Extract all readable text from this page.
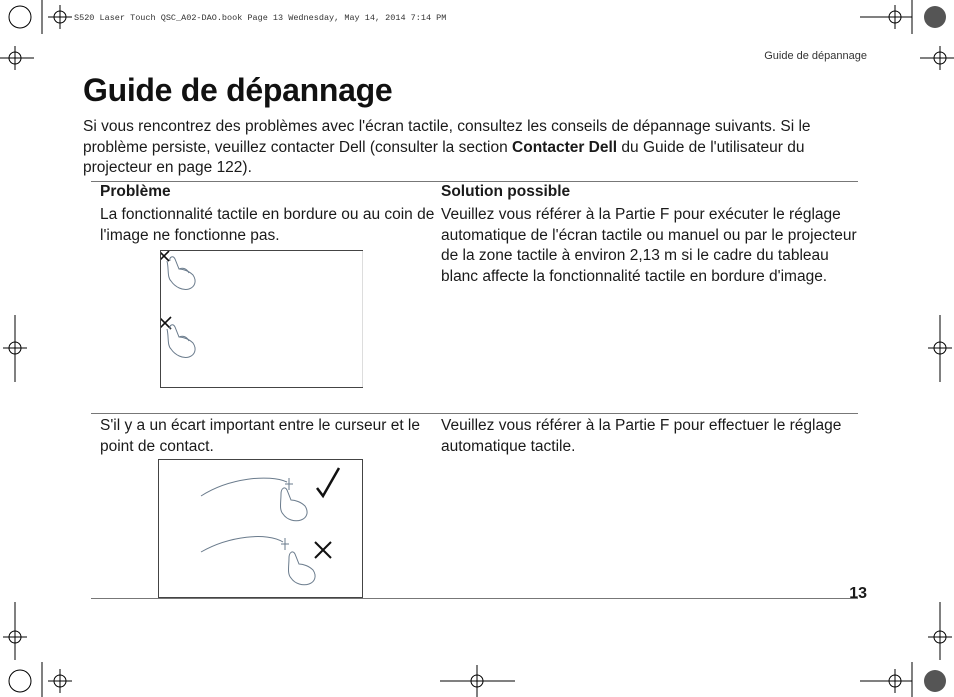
S520 Laser Touch QSC_A02-DAO.book Page 13 Wednesday, May 14, 2014 7:14 PM
Guide de dépannage
Guide de dépannage

Si vous rencontrez des problèmes avec l'écran tactile, consultez les conseils de dépannage suivants. Si le problème persiste, veuillez contacter Dell (consulter la section Contacter Dell du Guide de l'utilisateur du projecteur en page 122).

Problème	Solution possible

La fonctionnalité tactile en bordure ou au coin de l'image ne fonctionne pas.	Veuillez vous référer à la Partie F pour exécuter le réglage automatique de l'écran tactile ou manuel ou par le projecteur de la zone tactile à environ 2,13 m si le cadre du tableau blanc affecte la fonctionnalité tactile en bordure d'image.

S'il y a un écart important entre le curseur et le point de contact.	Veuillez vous référer à la Partie F pour effectuer le réglage automatique tactile.
13
